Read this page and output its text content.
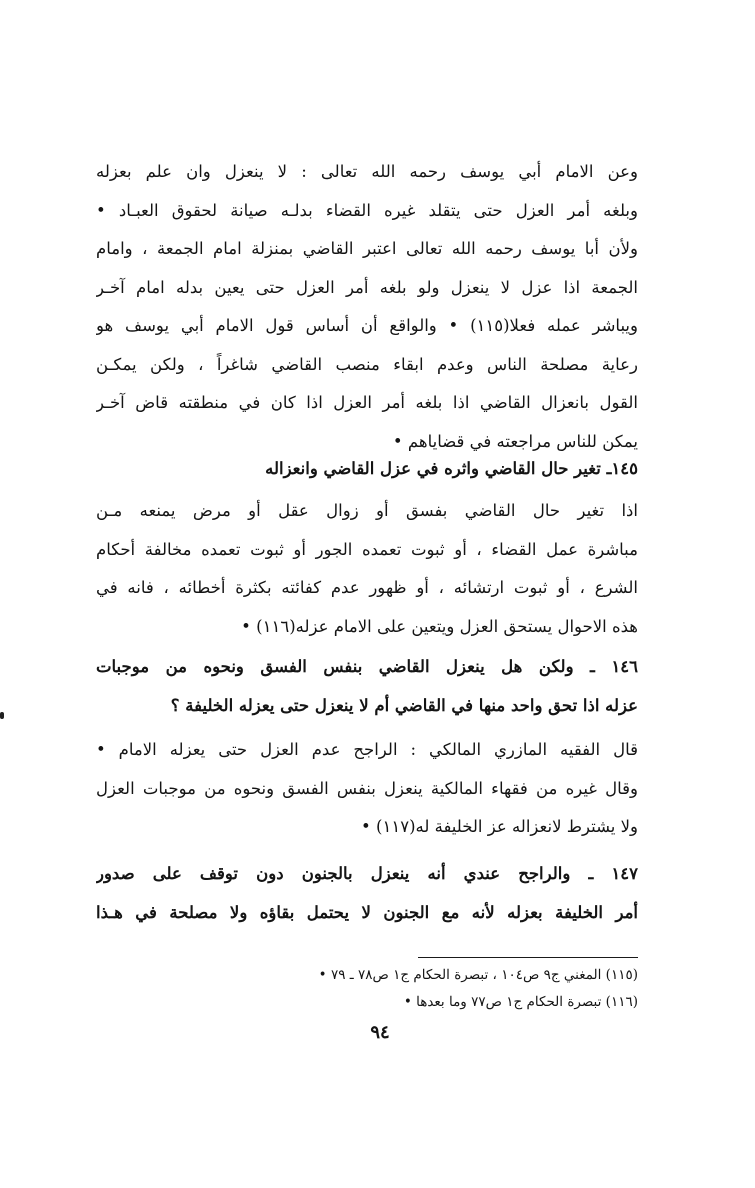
وعن الامام أبي يوسف رحمه الله تعالى : لا ينعزل وان علم بعزله
وبلغه أمر العزل حتى يتقلد غيره القضاء بدلـه صيانة لحقوق العبـاد •
ولأن أبا يوسف رحمه الله تعالى اعتبر القاضي بمنزلة امام الجمعة ، وامام
الجمعة اذا عزل لا ينعزل ولو بلغه أمر العزل حتى يعين بدله امام آخـر
ويباشر عمله فعلا(١١٥) • والواقع أن أساس قول الامام أبي يوسف هو
رعاية مصلحة الناس وعدم ابقاء منصب القاضي شاغراً ، ولكن يمكـن
القول بانعزال القاضي اذا بلغه أمر العزل اذا كان في منطقته قاض آخـر
يمكن للناس مراجعته في قضاياهم •
١٤٥ـ تغير حال القاضي واثره في عزل القاضي وانعزاله
اذا تغير حال القاضي بفسق أو زوال عقل أو مرض يمنعه مـن
مباشرة عمل القضاء ، أو ثبوت تعمده الجور أو ثبوت تعمده مخالفة أحكام
الشرع ، أو ثبوت ارتشائه ، أو ظهور عدم كفائته بكثرة أخطائه ، فانه في
هذه الاحوال يستحق العزل ويتعين على الامام عزله(١١٦) •
١٤٦ ـ ولكن هل ينعزل القاضي بنفس الفسق ونحوه من موجبات
عزله اذا تحق واحد منها في القاضي أم لا ينعزل حتى يعزله الخليفة ؟
قال الفقيه المازري المالكي : الراجح عدم العزل حتى يعزله الامام •
وقال غيره من فقهاء المالكية ينعزل بنفس الفسق ونحوه من موجبات العزل
ولا يشترط لانعزاله عز الخليفة له(١١٧) •
١٤٧ ـ والراجح عندي أنه ينعزل بالجنون دون توقف على صدور
أمر الخليفة بعزله لأنه مع الجنون لا يحتمل بقاؤه ولا مصلحة في هـذا
(١١٥) المغني ج٩ ص١٠٤ ، تبصرة الحكام ج١ ص٧٨ ـ ٧٩ •
(١١٦) تبصرة الحكام ج١ ص٧٧ وما بعدها •
٩٤
